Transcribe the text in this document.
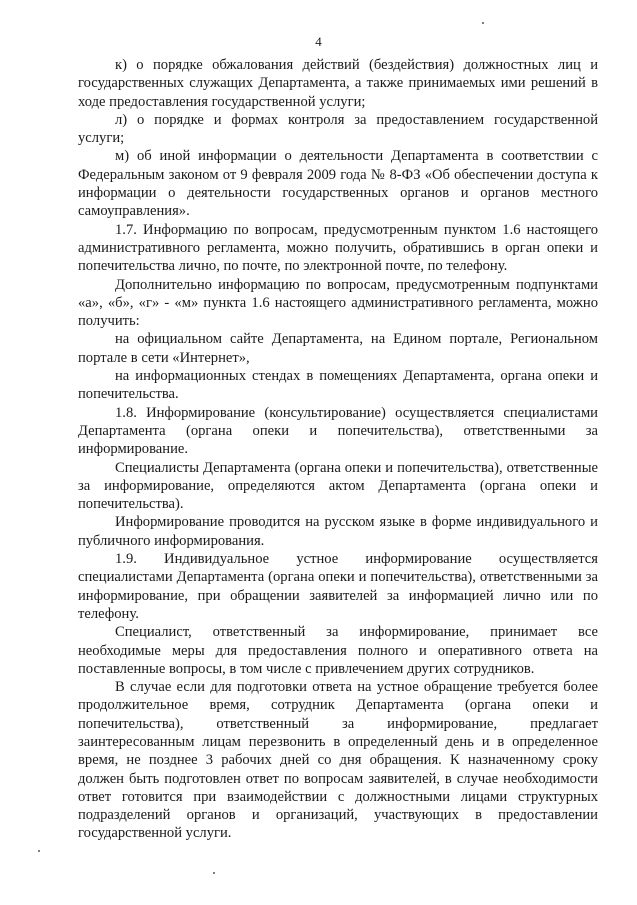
4

к) о порядке обжалования действий (бездействия) должностных лиц и государственных служащих Департамента, а также принимаемых ими решений в ходе предоставления государственной услуги;

л) о порядке и формах контроля за предоставлением государственной услуги;

м) об иной информации о деятельности Департамента в соответствии с Федеральным законом от 9 февраля 2009 года № 8-ФЗ «Об обеспечении доступа к информации о деятельности государственных органов и органов местного самоуправления».

1.7. Информацию по вопросам, предусмотренным пунктом 1.6 настоящего административного регламента, можно получить, обратившись в орган опеки и попечительства лично, по почте, по электронной почте, по телефону.

Дополнительно информацию по вопросам, предусмотренным подпунктами «а», «б», «г» - «м» пункта 1.6 настоящего административного регламента, можно получить:

на официальном сайте Департамента, на Едином портале, Региональном портале в сети «Интернет»,

на информационных стендах в помещениях Департамента, органа опеки и попечительства.

1.8. Информирование (консультирование) осуществляется специалистами Департамента (органа опеки и попечительства), ответственными за информирование.

Специалисты Департамента (органа опеки и попечительства), ответственные за информирование, определяются актом Департамента (органа опеки и попечительства).

Информирование проводится на русском языке в форме индивидуального и публичного информирования.

1.9. Индивидуальное устное информирование осуществляется специалистами Департамента (органа опеки и попечительства), ответственными за информирование, при обращении заявителей за информацией лично или по телефону.

Специалист, ответственный за информирование, принимает все необходимые меры для предоставления полного и оперативного ответа на поставленные вопросы, в том числе с привлечением других сотрудников.

В случае если для подготовки ответа на устное обращение требуется более продолжительное время, сотрудник Департамента (органа опеки и попечительства), ответственный за информирование, предлагает заинтересованным лицам перезвонить в определенный день и в определенное время, не позднее 3 рабочих дней со дня обращения. К назначенному сроку должен быть подготовлен ответ по вопросам заявителей, в случае необходимости ответ готовится при взаимодействии с должностными лицами структурных подразделений органов и организаций, участвующих в предоставлении государственной услуги.
